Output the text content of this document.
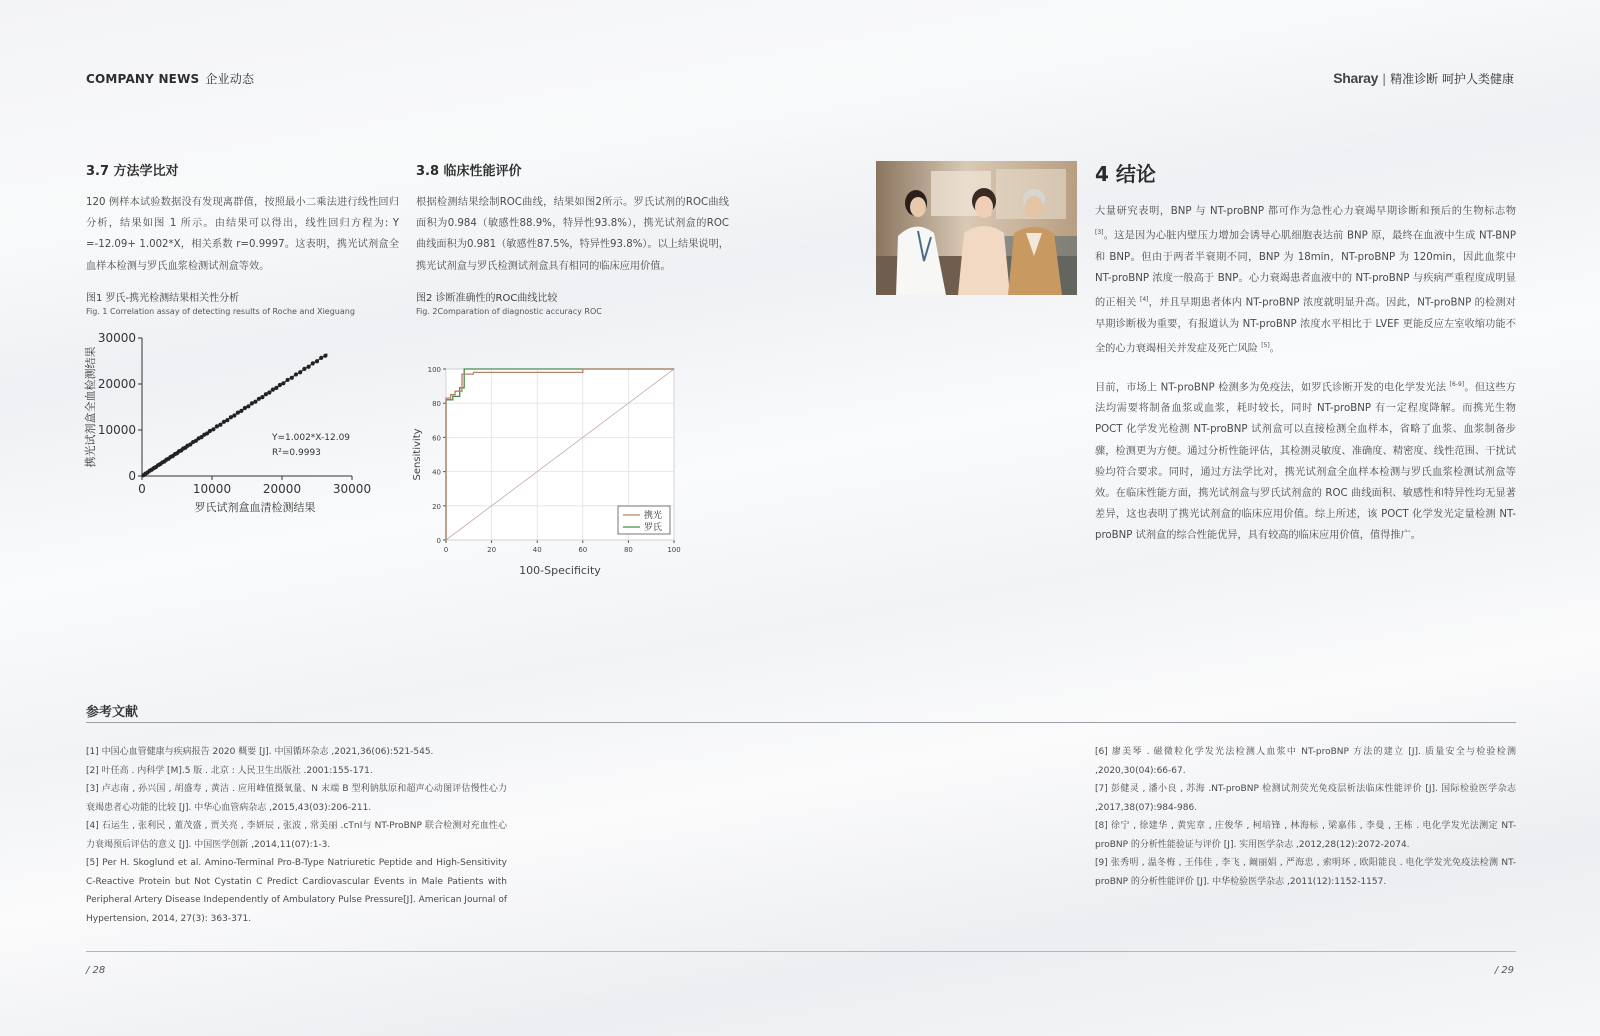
COMPANY NEWS 企业动态	Sharay | 精准诊断 呵护人类健康
3.7 方法学比对

120 例样本试验数据没有发现离群值，按照最小二乘法进行线性回归分析，结果如图 1 所示。由结果可以得出，线性回归方程为: Y =-12.09+ 1.002*X，相关系数 r=0.9997。这表明，携光试剂盒全血样本检测与罗氏血浆检测试剂盒等效。

图1 罗氏-携光检测结果相关性分析
Fig. 1 Correlation assay of detecting results of Roche and Xieguang
0
10000
20000
30000
0	10000	20000	30000
Y=1.002*X-12.09
R²=0.9993
罗氏试剂盒血清检测结果
携光试剂盒全血检测结果
3.8 临床性能评价

根据检测结果绘制ROC曲线，结果如图2所示。罗氏试剂的ROC曲线面积为0.984（敏感性88.9%，特异性93.8%），携光试剂盒的ROC曲线面积为0.981（敏感性87.5%，特异性93.8%）。以上结果说明，携光试剂盒与罗氏检测试剂盒具有相同的临床应用价值。

图2 诊断准确性的ROC曲线比较
Fig. 2Comparation of diagnostic accuracy ROC
0	20	40	60	80	100
0
20
40
60
80
100
携光
罗氏
100-Specificity
Sensitivity
4 结论

大量研究表明，BNP 与 NT-proBNP 都可作为急性心力衰竭早期诊断和预后的生物标志物 [3]。这是因为心脏内壁压力增加会诱导心肌细胞表达前 BNP 原，最终在血液中生成 NT-BNP 和 BNP。但由于两者半衰期不同，BNP 为 18min，NT-proBNP 为 120min，因此血浆中 NT-proBNP 浓度一般高于 BNP。心力衰竭患者血液中的 NT-proBNP 与疾病严重程度成明显的正相关 [4]，并且早期患者体内 NT-proBNP 浓度就明显升高。因此，NT-proBNP 的检测对早期诊断极为重要，有报道认为 NT-proBNP 浓度水平相比于 LVEF 更能反应左室收缩功能不全的心力衰竭相关并发症及死亡风险 [5]。

目前，市场上 NT-proBNP 检测多为免疫法，如罗氏诊断开发的电化学发光法 [6-9]。但这些方法均需要将制备血浆或血浆，耗时较长，同时 NT-proBNP 有一定程度降解。而携光生物 POCT 化学发光检测 NT-proBNP 试剂盒可以直接检测全血样本，省略了血浆、血浆制备步骤，检测更为方便。通过分析性能评估，其检测灵敏度、准确度、精密度、线性范围、干扰试验均符合要求。同时，通过方法学比对，携光试剂盒全血样本检测与罗氏血浆检测试剂盒等效。在临床性能方面，携光试剂盒与罗氏试剂盒的 ROC 曲线面积、敏感性和特异性均无显著差异，这也表明了携光试剂盒的临床应用价值。综上所述，该 POCT 化学发光定量检测 NT-proBNP 试剂盒的综合性能优异，具有较高的临床应用价值，值得推广。

参考文献
[1] 中国心血管健康与疾病报告 2020 概要 [J]. 中国循环杂志 ,2021,36(06):521-545.
[2] 叶任高 . 内科学 [M].5 版 . 北京 : 人民卫生出版社 .2001:155-171.
[3] 卢志南 , 孙兴国 , 胡盛寿 , 黄洁 . 应用峰值摄氧量、N 末端 B 型利钠肽原和超声心动图评估慢性心力衰竭患者心功能的比较 [J]. 中华心血管病杂志 ,2015,43(03):206-211.
[4] 石运生 , 张利民 , 董茂盛 , 贾关亮 , 李妍辰 , 张波 , 常美丽 .cTnⅠ与 NT-ProBNP 联合检测对充血性心力衰竭预后评估的意义 [J]. 中国医学创新 ,2014,11(07):1-3.
[5] Per H. Skoglund et al. Amino-Terminal Pro-B-Type Natriuretic Peptide and High-Sensitivity C-Reactive Protein but Not Cystatin C Predict Cardiovascular Events in Male Patients with Peripheral Artery Disease Independently of Ambulatory Pulse Pressure[J]. American Journal of Hypertension, 2014, 27(3): 363-371.
[6] 廖美琴 . 磁微粒化学发光法检测人血浆中 NT-proBNP 方法的建立 [J]. 质量安全与检验检测 ,2020,30(04):66-67.
[7] 彭健灵 , 潘小良 , 苏海 .NT-proBNP 检测试剂荧光免疫层析法临床性能评价 [J]. 国际检验医学杂志 ,2017,38(07):984-986.
[8] 徐宁 , 徐建华 , 黄宪章 , 庄俊华 , 柯培锋 , 林海标 , 梁嘉伟 , 李曼 , 王栋 . 电化学发光法测定 NT-proBNP 的分析性能验证与评价 [J]. 实用医学杂志 ,2012,28(12):2072-2074.
[9] 张秀明 , 温冬梅 , 王伟佳 , 李飞 , 阚丽娟 , 严海忠 , 索明环 , 欧阳能良 . 电化学发光免疫法检测 NT-proBNP 的分析性能评价 [J]. 中华检验医学杂志 ,2011(12):1152-1157.
/ 28	/ 29
